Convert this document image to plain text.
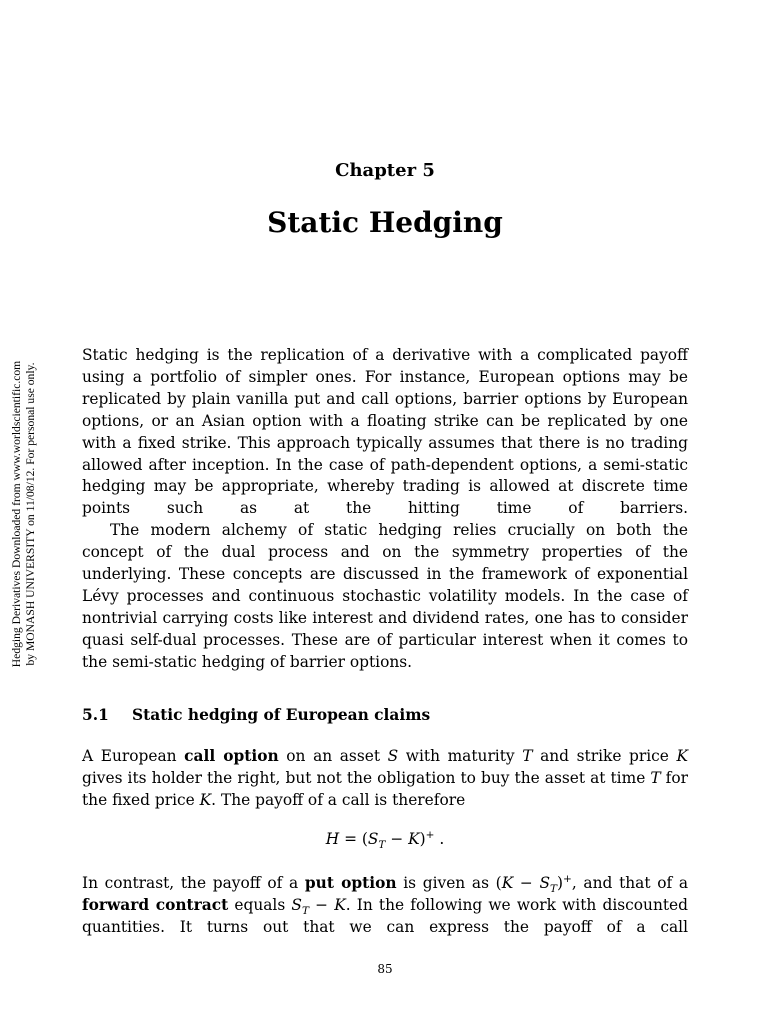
Hedging Derivatives Downloaded from www.worldscientific.com by MONASH UNIVERSITY on 11/08/12. For personal use only.
Chapter 5
Static Hedging

Static hedging is the replication of a derivative with a complicated payoff using a portfolio of simpler ones. For instance, European options may be replicated by plain vanilla put and call options, barrier options by European options, or an Asian option with a floating strike can be replicated by one with a fixed strike. This approach typically assumes that there is no trading allowed after inception. In the case of path-dependent options, a semi-static hedging may be appropriate, whereby trading is allowed at discrete time points such as at the hitting time of barriers.

The modern alchemy of static hedging relies crucially on both the concept of the dual process and on the symmetry properties of the underlying. These concepts are discussed in the framework of exponential Lévy processes and continuous stochastic volatility models. In the case of nontrivial carrying costs like interest and dividend rates, one has to consider quasi self-dual processes. These are of particular interest when it comes to the semi-static hedging of barrier options.

5.1 Static hedging of European claims

A European call option on an asset S with maturity T and strike price K gives its holder the right, but not the obligation to buy the asset at time T for the fixed price K. The payoff of a call is therefore

$H = (S_T - K)^+$ .

In contrast, the payoff of a put option is given as $(K - S_T)^+$, and that of a forward contract equals $S_T - K$. In the following we work with discounted quantities. It turns out that we can express the payoff of a call

85
